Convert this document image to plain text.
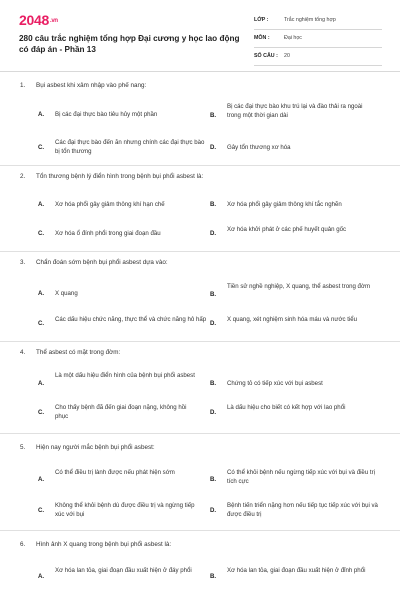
2048.vn
280 câu trắc nghiệm tổng hợp Đại cương y học lao động có đáp án - Phần 13
LỚP :	Trắc nghiệm tổng hợp
MÔN :	Đại học
SỐ CÂU : 20
1. Bụi asbest khi xâm nhập vào phế nang:
A. Bị các đại thực bào tiêu hủy một phần	B.
Bị các đại thực bào khu trú lại và đào thải ra ngoài trong một thời gian dài
C.
Các đại thực bào đến ăn nhưng chính các đại thực bào bị tổn thương
D. Gây tổn thương xơ hóa
2. Tổn thương bệnh lý điển hình trong bệnh bụi phổi asbest là:
A. Xơ hóa phổi gây giảm thông khí hạn chế	B. Xơ hóa phổi gây giảm thông khí tắc nghẽn
C. Xơ hóa ổ đính phổi trong giai đoạn đầu	D.
Xơ hóa khởi phát ở các phế huyết quản gốc
3. Chẩn đoán sớm bệnh bụi phổi asbest dựa vào:
A. X quang	B.
Tiền sử nghề nghiệp, X quang, thể asbest trong đờm
C.
Các dấu hiệu chức năng, thực thể và chức năng hô hấp
D.
X quang, xét nghiệm sinh hóa máu và nước tiểu
4. Thể asbest có mặt trong đờm:
A.
Là một dấu hiệu điển hình của bệnh bụi phổi asbest
B. Chứng tỏ có tiếp xúc với bụi asbest
C.
Cho thấy bệnh đã đến giai đoạn nặng, không hồi phục
D.
Là dấu hiệu cho biết có kết hợp với lao phổi
5. Hiện nay người mắc bệnh bụi phổi asbest:
A.
Có thể điều trị lành được nếu phát hiện sớm
B.
Có thể khỏi bệnh nếu ngừng tiếp xúc với bụi và điều trị tích cực
C.
Không thể khỏi bệnh dù được điều trị và ngừng tiếp xúc với bụi
D.
Bệnh tiến triển nặng hơn nếu tiếp tục tiếp xúc với bụi và được điều trị
6. Hình ảnh X quang trong bệnh bụi phổi asbest là:
A.
Xơ hóa lan tỏa, giai đoạn đầu xuất hiện ở đáy phổi
B.
Xơ hóa lan tỏa, giai đoạn đầu xuất hiện ở đỉnh phổi
